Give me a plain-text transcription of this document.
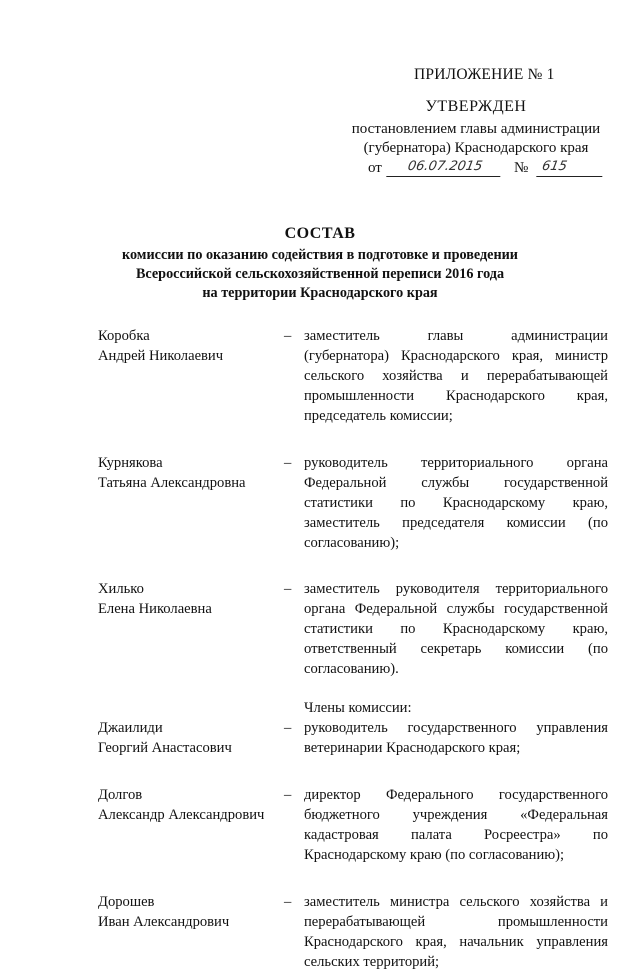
ПРИЛОЖЕНИЕ № 1
УТВЕРЖДЕН
постановлением главы администрации
(губернатора) Краснодарского края
от	06.07.2015	№ 615
СОСТАВ
комиссии по оказанию содействия в подготовке и проведении
Всероссийской сельскохозяйственной переписи 2016 года
на территории Краснодарского края
Коробка
Андрей Николаевич
– заместитель главы администрации (губернатора) Краснодарского края, министр сельского хозяйства и перерабатывающей промышленности Краснодарского края, председатель комиссии;
Курнякова
Татьяна Александровна
– руководитель территориального органа Федеральной службы государственной статистики по Краснодарскому краю, заместитель председателя комиссии (по согласованию);
Хилько
Елена Николаевна
– заместитель руководителя территориального органа Федеральной службы государственной статистики по Краснодарскому краю, ответственный секретарь комиссии (по согласованию).
Члены комиссии:
Джаилиди
Георгий Анастасович
– руководитель государственного управления ветеринарии Краснодарского края;
Долгов
Александр Александрович
– директор Федерального государственного бюджетного учреждения «Федеральная кадастровая палата Росреестра» по Краснодарскому краю (по согласованию);
Дорошев
Иван Александрович
– заместитель министра сельского хозяйства и перерабатывающей промышленности Краснодарского края, начальник управления сельских территорий;
